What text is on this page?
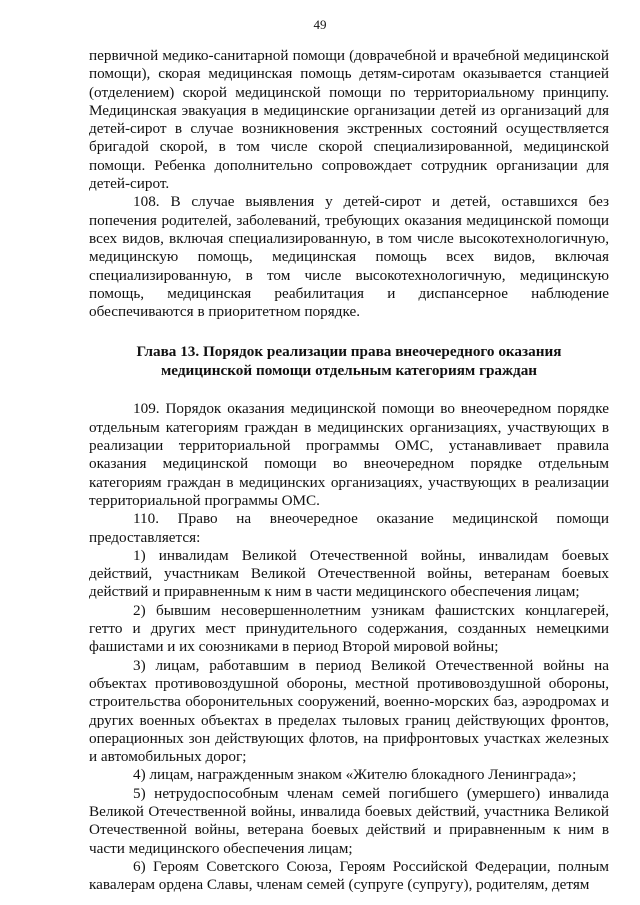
49

первичной медико-санитарной помощи (доврачебной и врачебной медицинской помощи), скорая медицинская помощь детям-сиротам оказывается станцией (отделением) скорой медицинской помощи по территориальному принципу. Медицинская эвакуация в медицинские организации детей из организаций для детей-сирот в случае возникновения экстренных состояний осуществляется бригадой скорой, в том числе скорой специализированной, медицинской помощи. Ребенка дополнительно сопровождает сотрудник организации для детей-сирот.

108. В случае выявления у детей-сирот и детей, оставшихся без попечения родителей, заболеваний, требующих оказания медицинской помощи всех видов, включая специализированную, в том числе высокотехнологичную, медицинскую помощь, медицинская помощь всех видов, включая специализированную, в том числе высокотехнологичную, медицинскую помощь, медицинская реабилитация и диспансерное наблюдение обеспечиваются в приоритетном порядке.

Глава 13. Порядок реализации права внеочередного оказания
медицинской помощи отдельным категориям граждан

109. Порядок оказания медицинской помощи во внеочередном порядке отдельным категориям граждан в медицинских организациях, участвующих в реализации территориальной программы ОМС, устанавливает правила оказания медицинской помощи во внеочередном порядке отдельным категориям граждан в медицинских организациях, участвующих в реализации территориальной программы ОМС.

110. Право на внеочередное оказание медицинской помощи предоставляется:

1) инвалидам Великой Отечественной войны, инвалидам боевых действий, участникам Великой Отечественной войны, ветеранам боевых действий и приравненным к ним в части медицинского обеспечения лицам;

2) бывшим несовершеннолетним узникам фашистских концлагерей, гетто и других мест принудительного содержания, созданных немецкими фашистами и их союзниками в период Второй мировой войны;

3) лицам, работавшим в период Великой Отечественной войны на объектах противовоздушной обороны, местной противовоздушной обороны, строительства оборонительных сооружений, военно-морских баз, аэродромах и других военных объектах в пределах тыловых границ действующих фронтов, операционных зон действующих флотов, на прифронтовых участках железных и автомобильных дорог;

4) лицам, награжденным знаком «Жителю блокадного Ленинграда»;

5) нетрудоспособным членам семей погибшего (умершего) инвалида Великой Отечественной войны, инвалида боевых действий, участника Великой Отечественной войны, ветерана боевых действий и приравненным к ним в части медицинского обеспечения лицам;

6) Героям Советского Союза, Героям Российской Федерации, полным кавалерам ордена Славы, членам семей (супруге (супругу), родителям, детям
